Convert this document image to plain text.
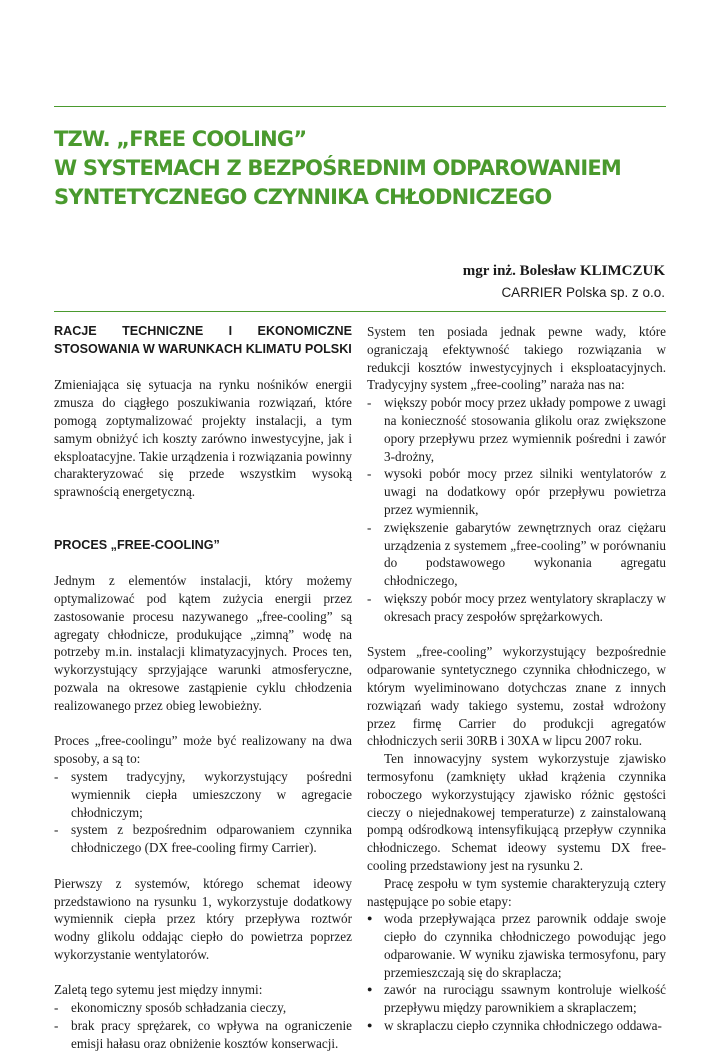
TZW. „FREE COOLING”
W SYSTEMACH Z BEZPOŚREDNIM ODPAROWANIEM
SYNTETYCZNEGO CZYNNIKA CHŁODNICZEGO
mgr inż. Bolesław KLIMCZUK
CARRIER Polska sp. z o.o.
RACJE TECHNICZNE I EKONOMICZNE STOSOWANIA W WARUNKACH KLIMATU POLSKI

Zmieniająca się sytuacja na rynku nośników energii zmusza do ciągłego poszukiwania rozwiązań, które pomogą zoptymalizować projekty instalacji, a tym samym obniżyć ich koszty zarówno inwestycyjne, jak i eksploatacyjne. Takie urządzenia i rozwiązania powinny charakteryzować się przede wszystkim wysoką sprawnością energetyczną.

PROCES „FREE-COOLING”

Jednym z elementów instalacji, który możemy optymalizować pod kątem zużycia energii przez zastosowanie procesu nazywanego „free-cooling” są agregaty chłodnicze, produkujące „zimną” wodę na potrzeby m.in. instalacji klimatyzacyjnych. Proces ten, wykorzystujący sprzyjające warunki atmosferyczne, pozwala na okresowe zastąpienie cyklu chłodzenia realizowanego przez obieg lewobieżny.

Proces „free-coolingu” może być realizowany na dwa sposoby, a są to:

- system tradycyjny, wykorzystujący pośredni wymiennik ciepła umieszczony w agregacie chłodniczym;
- system z bezpośrednim odparowaniem czynnika chłodniczego (DX free-cooling firmy Carrier).

Pierwszy z systemów, którego schemat ideowy przedstawiono na rysunku 1, wykorzystuje dodatkowy wymiennik ciepła przez który przepływa roztwór wodny glikolu oddając ciepło do powietrza poprzez wykorzystanie wentylatorów.

Zaletą tego sytemu jest między innymi:

- ekonomiczny sposób schładzania cieczy,
- brak pracy sprężarek, co wpływa na ograniczenie emisji hałasu oraz obniżenie kosztów konserwacji.

System ten posiada jednak pewne wady, które ograniczają efektywność takiego rozwiązania w redukcji kosztów inwestycyjnych i eksploatacyjnych. Tradycyjny system „free-cooling” naraża nas na:

- większy pobór mocy przez układy pompowe z uwagi na konieczność stosowania glikolu oraz zwiększone opory przepływu przez wymiennik pośredni i zawór 3-drożny,
- wysoki pobór mocy przez silniki wentylatorów z uwagi na dodatkowy opór przepływu powietrza przez wymiennik,
- zwiększenie gabarytów zewnętrznych oraz ciężaru urządzenia z systemem „free-cooling” w porównaniu do podstawowego wykonania agregatu chłodniczego,
- większy pobór mocy przez wentylatory skraplaczy w okresach pracy zespołów sprężarkowych.

System „free-cooling” wykorzystujący bezpośrednie odparowanie syntetycznego czynnika chłodniczego, w którym wyeliminowano dotychczas znane z innych rozwiązań wady takiego systemu, został wdrożony przez firmę Carrier do produkcji agregatów chłodniczych serii 30RB i 30XA w lipcu 2007 roku.

Ten innowacyjny system wykorzystuje zjawisko termosyfonu (zamknięty układ krążenia czynnika roboczego wykorzystujący zjawisko różnic gęstości cieczy o niejednakowej temperaturze) z zainstalowaną pompą odśrodkową intensyfikującą przepływ czynnika chłodniczego. Schemat ideowy systemu DX free-cooling przedstawiony jest na rysunku 2.

Pracę zespołu w tym systemie charakteryzują cztery następujące po sobie etapy:

● woda przepływająca przez parownik oddaje swoje ciepło do czynnika chłodniczego powodując jego odparowanie. W wyniku zjawiska termosyfonu, pary przemieszczają się do skraplacza;
● zawór na rurociągu ssawnym kontroluje wielkość przepływu między parownikiem a skraplaczem;
● w skraplaczu ciepło czynnika chłodniczego oddawa-
